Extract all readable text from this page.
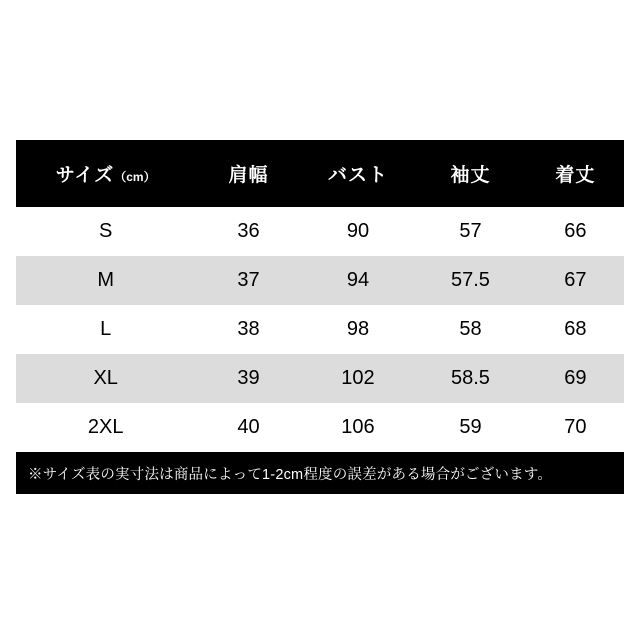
サイズ（cm）	肩幅	バスト	袖丈	着丈
S	36	90	57	66
M	37	94	57.5	67
L	38	98	58	68
XL	39	102	58.5	69
2XL	40	106	59	70
※サイズ表の実寸法は商品によって1-2cm程度の誤差がある場合がございます。
